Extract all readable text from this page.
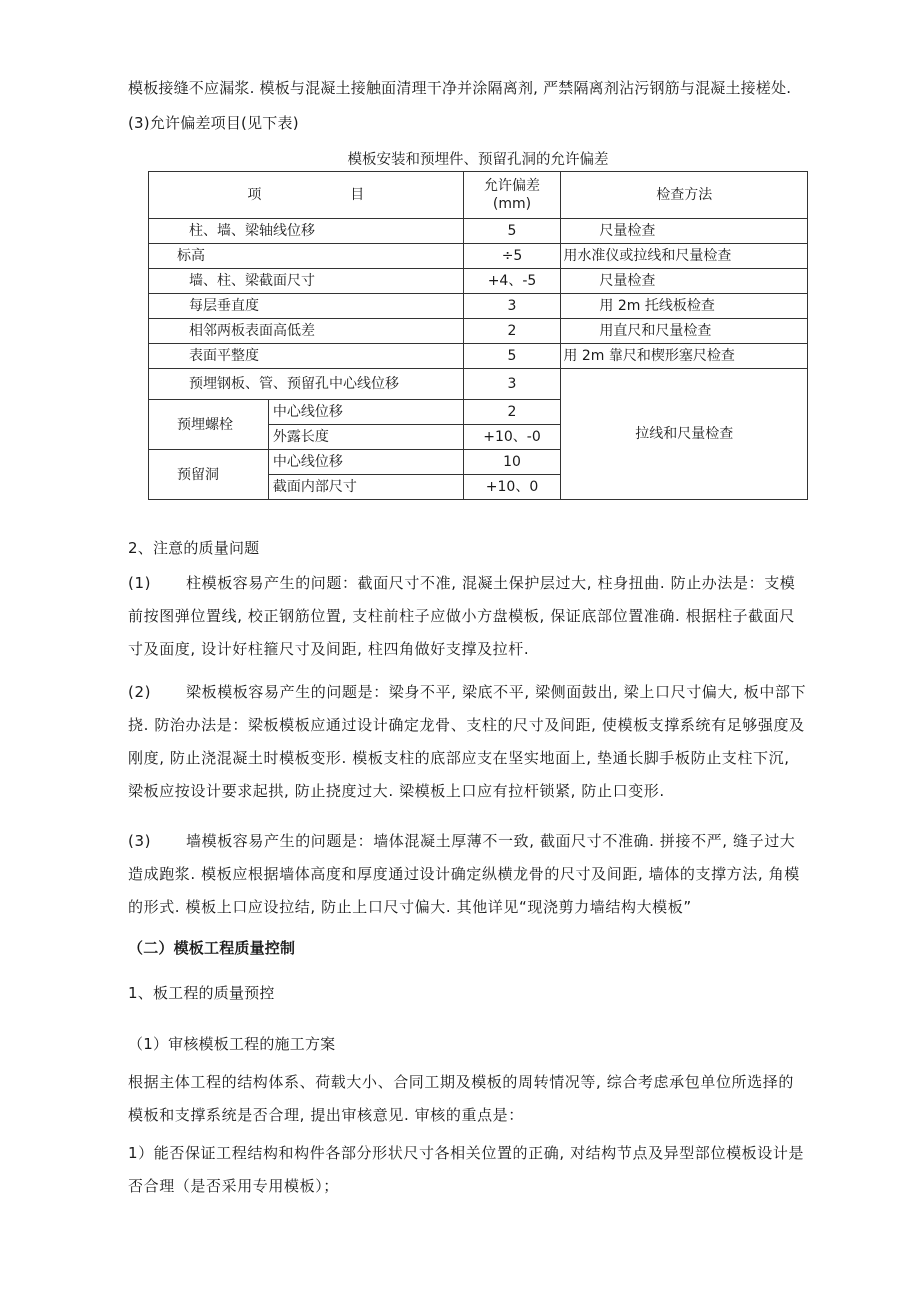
模板接缝不应漏浆. 模板与混凝土接触面清理干净并涂隔离剂, 严禁隔离剂沾污钢筋与混凝土接槎处.
(3)允许偏差项目(见下表)
模板安装和预埋件、预留孔洞的允许偏差
项 目		允许偏差
(mm)	检查方法
柱、墙、梁轴线位移		5	尺量检查
标高		÷5	用水准仪或拉线和尺量检查
墙、柱、梁截面尺寸		+4、-5	尺量检查
每层垂直度		3	用 2m 托线板检查
相邻两板表面高低差		2	用直尺和尺量检查
表面平整度		5	用 2m 靠尺和楔形塞尺检查
预埋钢板、管、预留孔中心线位移		3	拉线和尺量检查
预埋螺栓	中心线位移	2	
	外露长度	+10、-0	
预留洞	中心线位移	10	
	截面内部尺寸	+10、0	
2、注意的质量问题
(1) 柱模板容易产生的问题：截面尺寸不准, 混凝土保护层过大, 柱身扭曲. 防止办法是：支模前按图弹位置线, 校正钢筋位置, 支柱前柱子应做小方盘模板, 保证底部位置准确. 根据柱子截面尺寸及面度, 设计好柱箍尺寸及间距, 柱四角做好支撑及拉杆.
(2) 梁板模板容易产生的问题是：梁身不平, 梁底不平, 梁侧面鼓出, 梁上口尺寸偏大, 板中部下挠. 防治办法是：梁板模板应通过设计确定龙骨、支柱的尺寸及间距, 使模板支撑系统有足够强度及刚度, 防止浇混凝土时模板变形. 模板支柱的底部应支在坚实地面上, 垫通长脚手板防止支柱下沉, 梁板应按设计要求起拱, 防止挠度过大. 梁模板上口应有拉杆锁紧, 防止口变形.
(3) 墙模板容易产生的问题是：墙体混凝土厚薄不一致, 截面尺寸不准确. 拼接不严, 缝子过大造成跑浆. 模板应根据墙体高度和厚度通过设计确定纵横龙骨的尺寸及间距, 墙体的支撑方法, 角模的形式. 模板上口应设拉结, 防止上口尺寸偏大. 其他详见“现浇剪力墙结构大模板”
（二）模板工程质量控制
1、板工程的质量预控
（1）审核模板工程的施工方案
根据主体工程的结构体系、荷载大小、合同工期及模板的周转情况等, 综合考虑承包单位所选择的模板和支撑系统是否合理, 提出审核意见. 审核的重点是：
1）能否保证工程结构和构件各部分形状尺寸各相关位置的正确, 对结构节点及异型部位模板设计是否合理（是否采用专用模板）；
